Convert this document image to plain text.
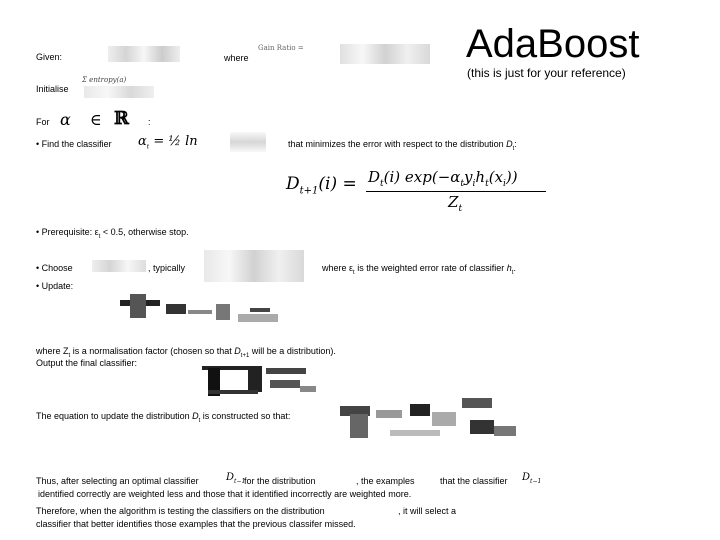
AdaBoost
(this is just for your reference)
Given:	where
Gain Ratio =
Initialise
Σ entropy(a)
For α ∈ ℝ :
• Find the classifier $\alpha_t$ = ½ ln	that minimizes the error with respect to the distribution $D_t$:
$D_{t+1}(i) = D_t(i)$ $\exp(-\alpha_ty_ih_t(x_i))$
$Z_t$
• Prerequisite: $\varepsilon_t < 0.5$, otherwise stop.
• Choose	, typically	where $\varepsilon_t$ is the weighted error rate of classifier $h_t$.
• Update:
where $Z_t$ is a normalisation factor (chosen so that $D_{t+1}$ will be a distribution).
Output the final classifier:
The equation to update the distribution $D_t$ is constructed so that:
Thus, after selecting an optimal classifier	$D_{t-1}$
for the distribution	, the examples	that the classifier $D_{t-1}$
identified correctly are weighted less and those that it identified incorrectly are weighted more.
Therefore, when the algorithm is testing the classifiers on the distribution	, it will select a
classifier that better identifies those examples that the previous classifer missed.
